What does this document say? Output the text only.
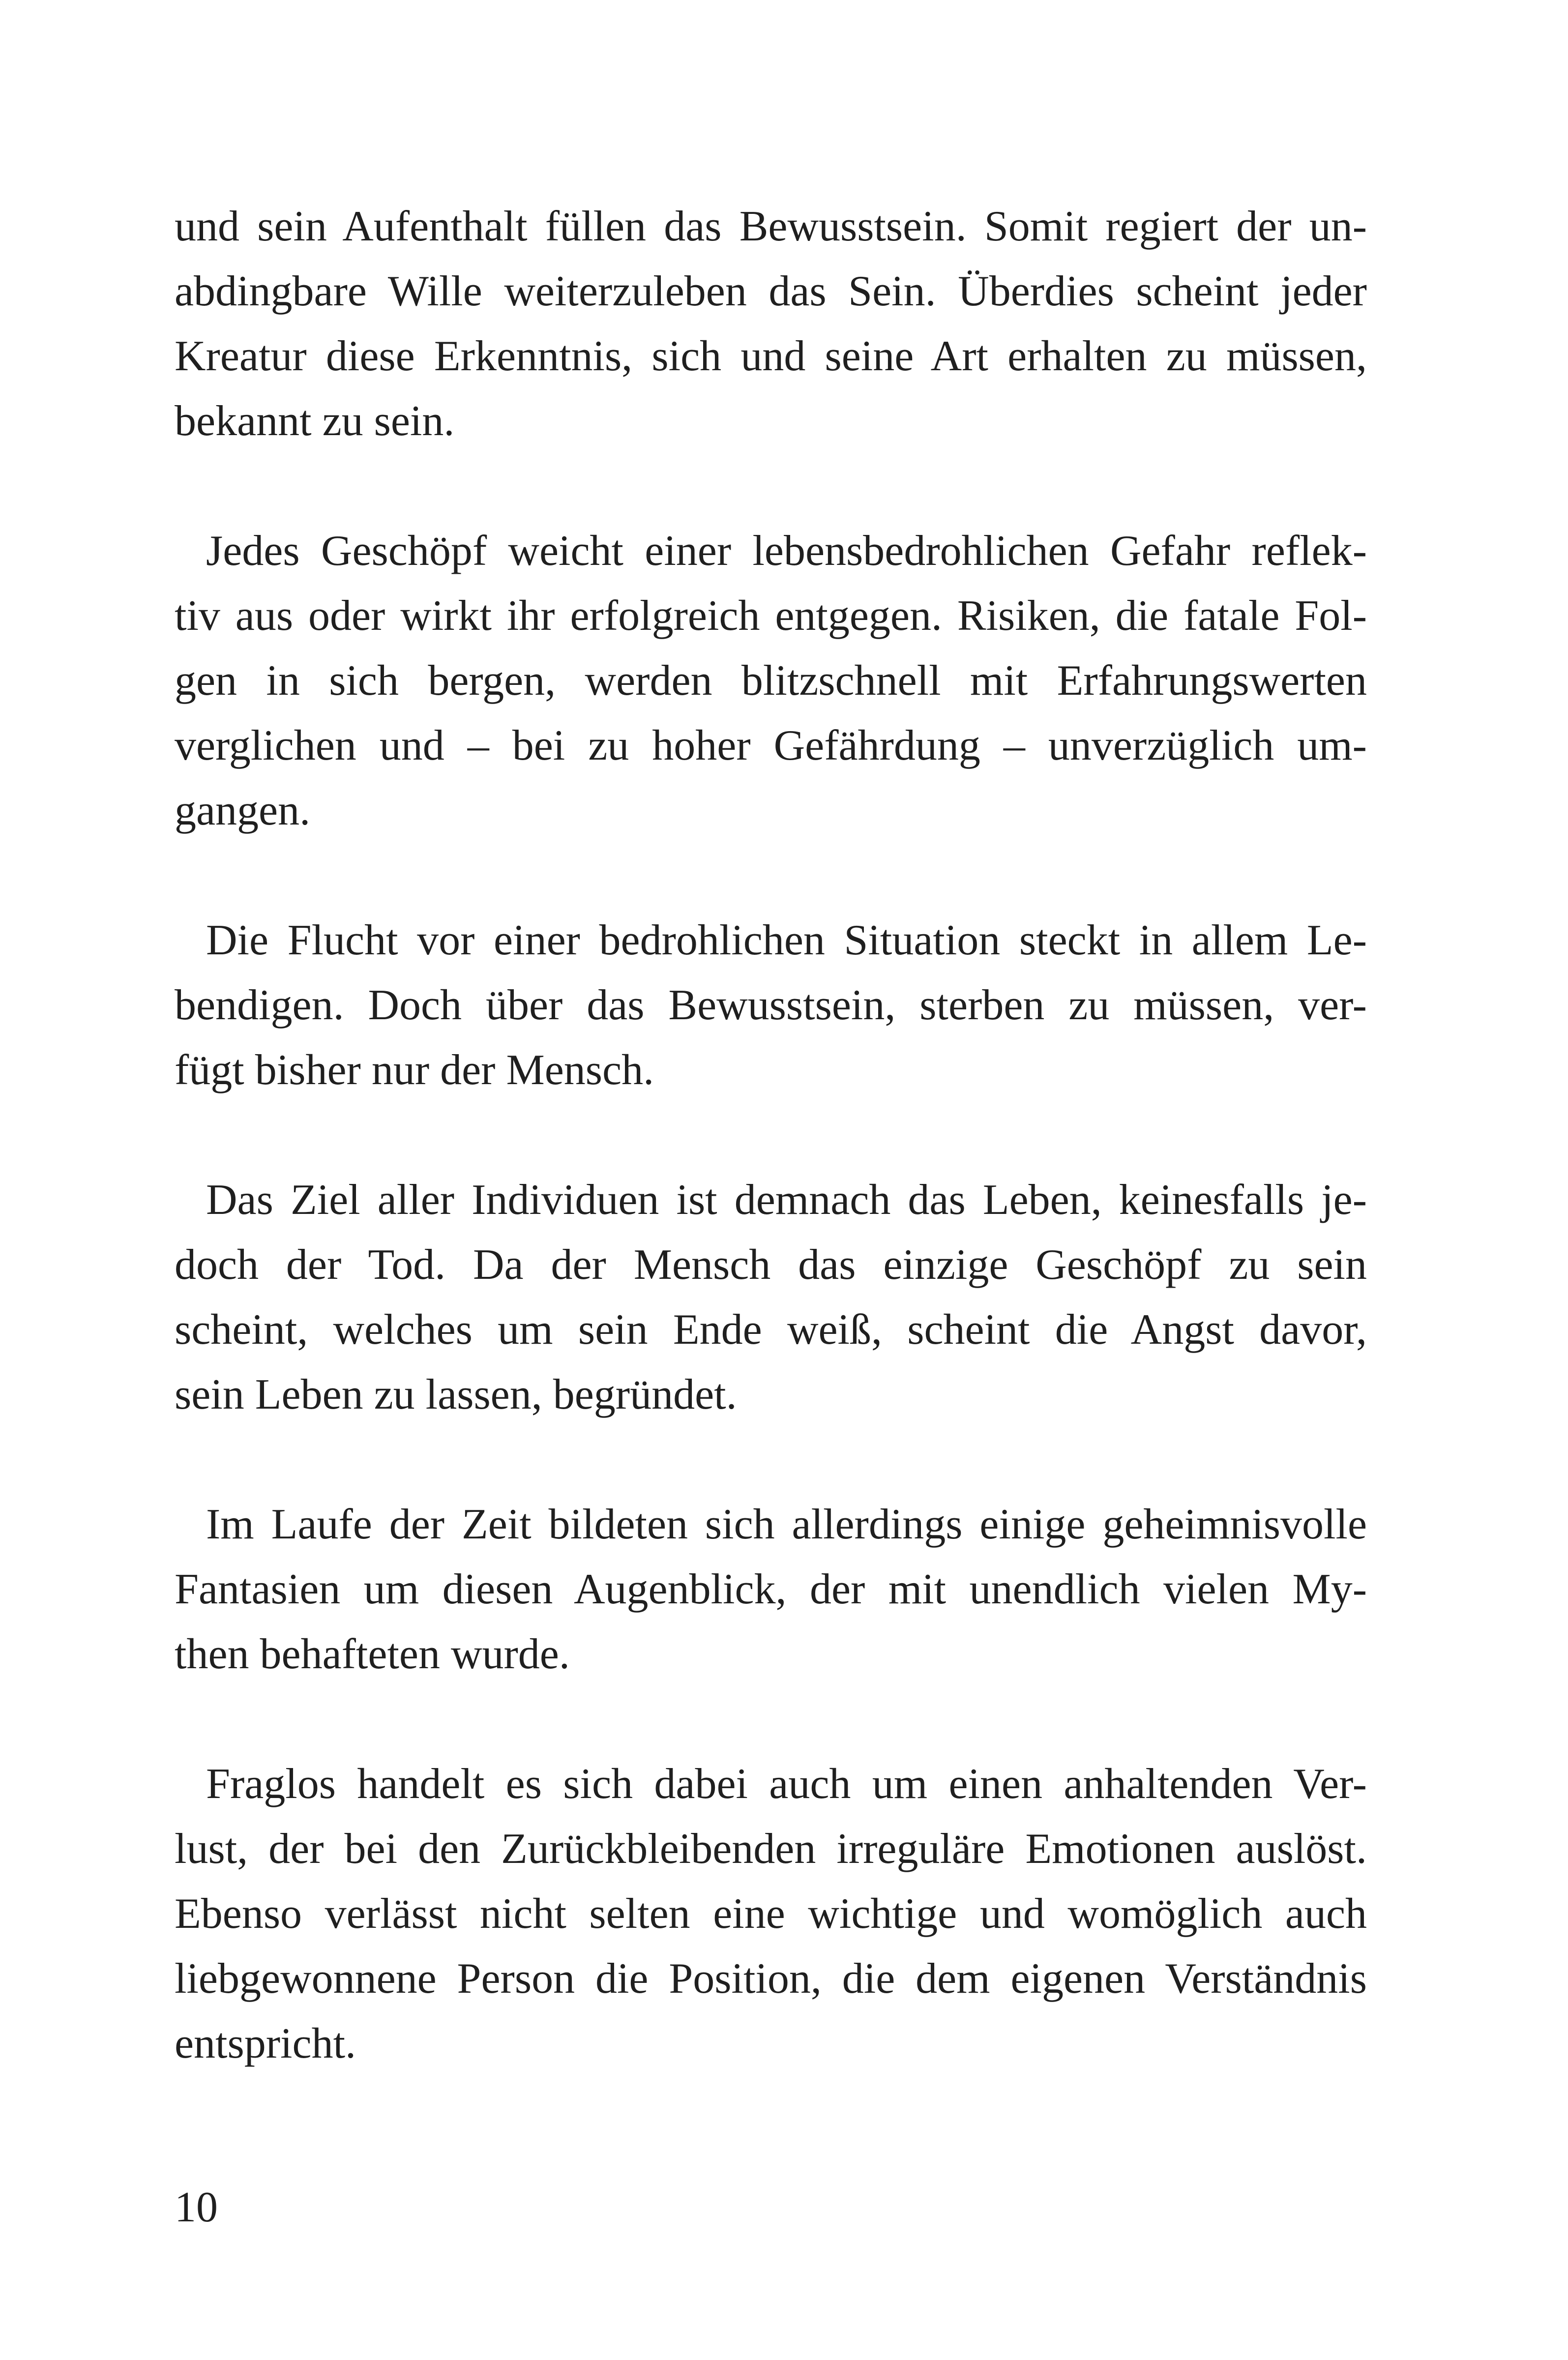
und sein Aufenthalt füllen das Bewusstsein. Somit regiert der un-
abdingbare Wille weiterzuleben das Sein. Überdies scheint jeder
Kreatur diese Erkenntnis, sich und seine Art erhalten zu müssen,
bekannt zu sein.
Jedes Geschöpf weicht einer lebensbedrohlichen Gefahr reflek-
tiv aus oder wirkt ihr erfolgreich entgegen. Risiken, die fatale Fol-
gen in sich bergen, werden blitzschnell mit Erfahrungswerten
verglichen und – bei zu hoher Gefährdung – unverzüglich um-
gangen.
Die Flucht vor einer bedrohlichen Situation steckt in allem Le-
bendigen. Doch über das Bewusstsein, sterben zu müssen, ver-
fügt bisher nur der Mensch.
Das Ziel aller Individuen ist demnach das Leben, keinesfalls je-
doch der Tod. Da der Mensch das einzige Geschöpf zu sein
scheint, welches um sein Ende weiß, scheint die Angst davor,
sein Leben zu lassen, begründet.
Im Laufe der Zeit bildeten sich allerdings einige geheimnisvolle
Fantasien um diesen Augenblick, der mit unendlich vielen My-
then behafteten wurde.
Fraglos handelt es sich dabei auch um einen anhaltenden Ver-
lust, der bei den Zurückbleibenden irreguläre Emotionen auslöst.
Ebenso verlässt nicht selten eine wichtige und womöglich auch
liebgewonnene Person die Position, die dem eigenen Verständnis
entspricht.
10
